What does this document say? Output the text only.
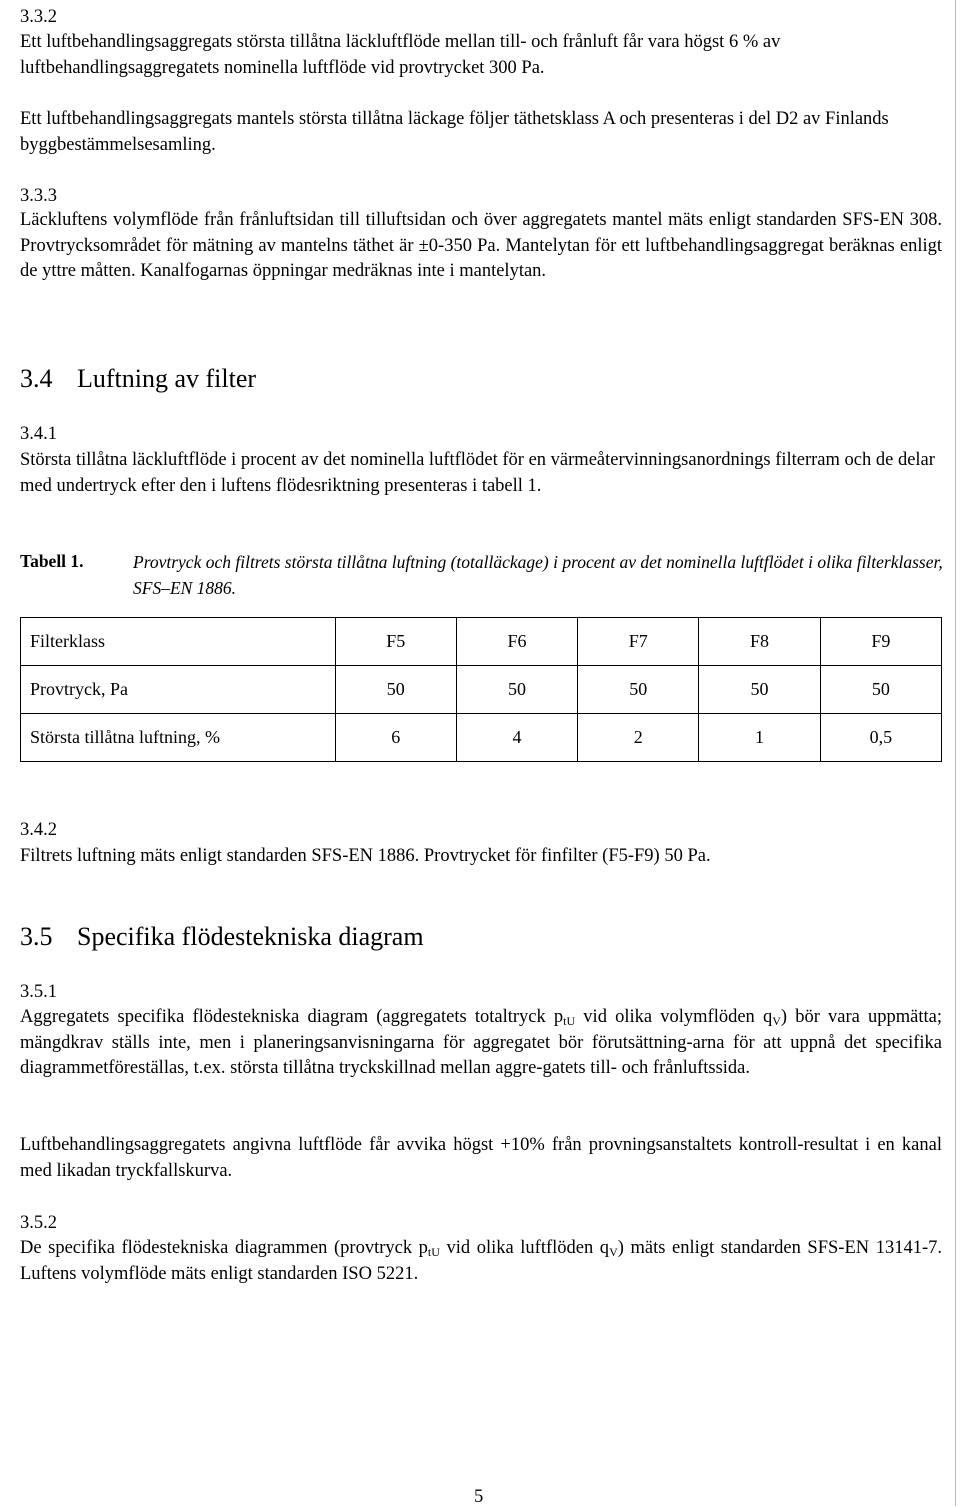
3.3.2

Ett luftbehandlingsaggregats största tillåtna läckluftflöde mellan till- och frånluft får vara högst 6 % av luftbehandlingsaggregatets nominella luftflöde vid provtrycket 300 Pa.

Ett luftbehandlingsaggregats mantels största tillåtna läckage följer täthetsklass A och presenteras i del D2 av Finlands byggbestämmelsesamling.

3.3.3

Läckluftens volymflöde från frånluftsidan till tilluftsidan och över aggregatets mantel mäts enligt standarden SFS-EN 308. Provtrycksområdet för mätning av mantelns täthet är ±0-350 Pa. Mantelytan för ett luftbehandlingsaggregat beräknas enligt de yttre måtten. Kanalfogarnas öppningar medräknas inte i mantelytan.

3.4 Luftning av filter
3.4.1

Största tillåtna läckluftflöde i procent av det nominella luftflödet för en värmeåtervinningsanordnings filterram och de delar med undertryck efter den i luftens flödesriktning presenteras i tabell 1.

Tabell 1.	Provtryck och filtrets största tillåtna luftning (totalläckage) i procent av det nominella luftflödet i olika filterklasser, SFS–EN 1886.
Filterklass	F5	F6	F7	F8	F9
Provtryck, Pa	50	50	50	50	50
Största tillåtna luftning, %	6	4	2	1	0,5
3.4.2

Filtrets luftning mäts enligt standarden SFS-EN 1886. Provtrycket för finfilter (F5-F9) 50 Pa.

3.5 Specifika flödestekniska diagram
3.5.1

Aggregatets specifika flödestekniska diagram (aggregatets totaltryck $p_{tU}$ vid olika volymflöden $q_V$) bör vara uppmätta; mängdkrav ställs inte, men i planeringsanvisningarna för aggregatet bör förutsättning-arna för att uppnå det specifika diagrammetföreställas, t.ex. största tillåtna tryckskillnad mellan aggre-gatets till- och frånluftssida.

Luftbehandlingsaggregatets angivna luftflöde får avvika högst +10% från provningsanstaltets kontroll-resultat i en kanal med likadan tryckfallskurva.

3.5.2

De specifika flödestekniska diagrammen (provtryck $p_{tU}$ vid olika luftflöden $q_V$) mäts enligt standarden SFS-EN 13141-7. Luftens volymflöde mäts enligt standarden ISO 5221.

5
